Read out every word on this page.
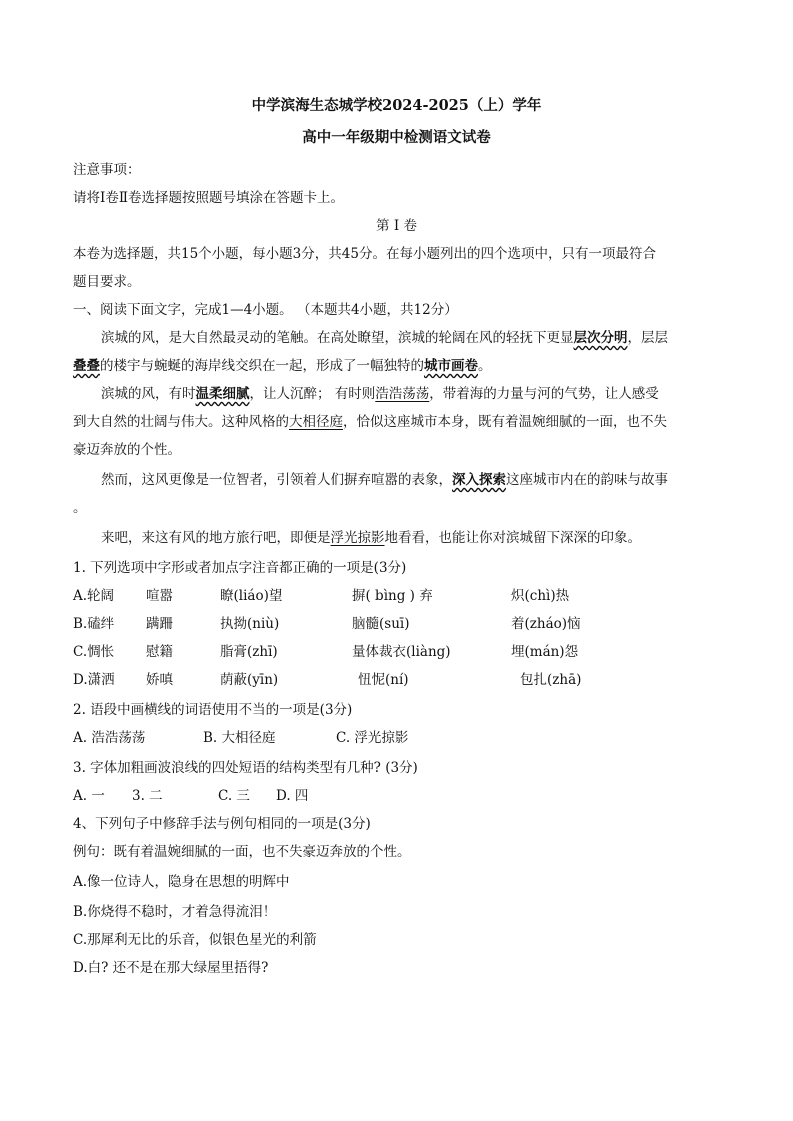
中学滨海生态城学校2024-2025（上）学年
高中一年级期中检测语文试卷
注意事项：
请将Ⅰ卷Ⅱ卷选择题按照题号填涂在答题卡上。
第 Ⅰ 卷
本卷为选择题，共15个小题，每小题3分，共45分。在每小题列出的四个选项中，只有一项最符合
题目要求。
一、阅读下面文字，完成1—4小题。 （本题共4小题，共12分）
滨城的风，是大自然最灵动的笔触。在高处瞭望，滨城的轮阔在风的轻抚下更显层次分明，层层
叠叠的楼宇与蜿蜒的海岸线交织在一起，形成了一幅独特的城市画卷。
滨城的风，有时温柔细腻，让人沉醉； 有时则浩浩荡荡，带着海的力量与河的气势，让人感受
到大自然的壮阔与伟大。这种风格的大相径庭，恰似这座城市本身，既有着温婉细腻的一面，也不失
豪迈奔放的个性。
然而，这风更像是一位智者，引领着人们摒弃喧嚣的表象，深入探索这座城市内在的韵味与故事
。
来吧，来这有风的地方旅行吧，即便是浮光掠影地看看，也能让你对滨城留下深深的印象。
1. 下列选项中字形或者加点字注音都正确的一项是(3分)
A.轮阔 喧嚣	瞭(liáo)望	摒( bìng ) 弃	炽(chì)热
B.磕绊 蹒跚	执拗(niù)	脑髓(suī)	着(zháo)恼
C.惆怅 慰籍	脂膏(zhī)	量体裁衣(liàng)	埋(mán)怨
D.潇洒 娇嗔	荫蔽(yīn)	忸怩(ní)	包扎(zhā)
2. 语段中画横线的词语使用不当的一项是(3分)
A. 浩浩荡荡	B. 大相径庭	C. 浮光掠影
3. 字体加粗画波浪线的四处短语的结构类型有几种? (3分)
A. 一 3. 二	C. 三 D. 四
4、下列句子中修辞手法与例句相同的一项是(3分)
例句：既有着温婉细腻的一面，也不失豪迈奔放的个性。
A.像一位诗人，隐身在思想的明辉中
B.你烧得不稳时，才着急得流泪！
C.那犀利无比的乐音，似银色星光的利箭
D.白? 还不是在那大绿屋里捂得?
